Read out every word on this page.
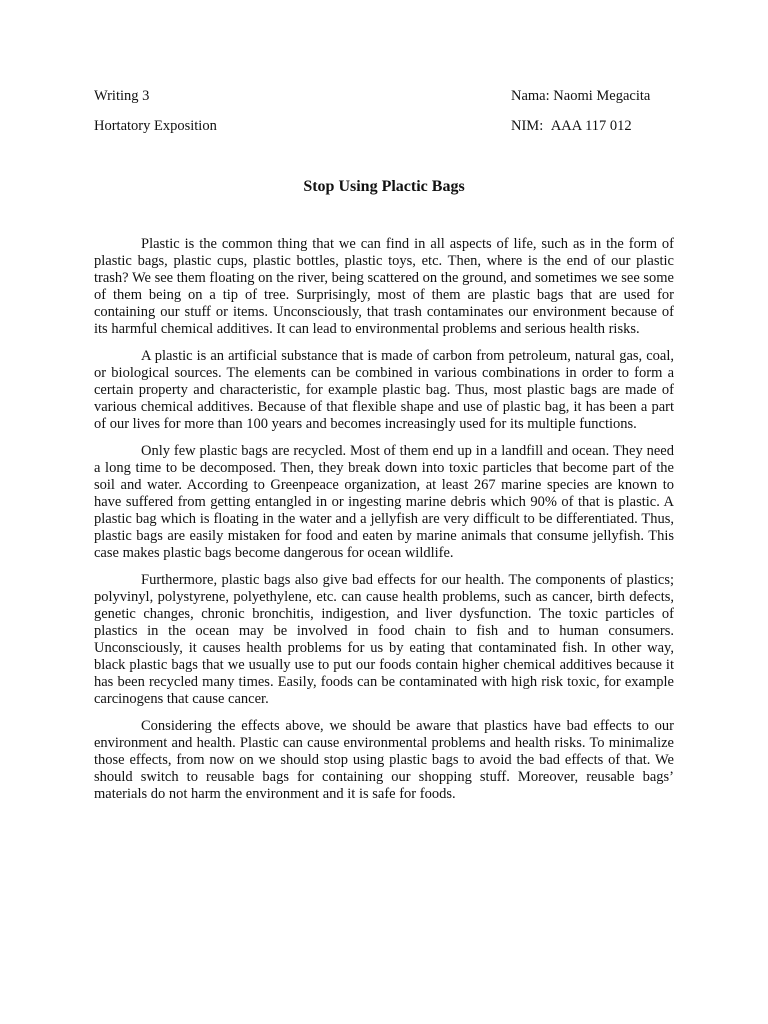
Writing 3	Nama: Naomi Megacita
Hortatory Exposition	NIM: AAA 117 012
Stop Using Plactic Bags

Plastic is the common thing that we can find in all aspects of life, such as in the form of plastic bags, plastic cups, plastic bottles, plastic toys, etc. Then, where is the end of our plastic trash? We see them floating on the river, being scattered on the ground, and sometimes we see some of them being on a tip of tree. Surprisingly, most of them are plastic bags that are used for containing our stuff or items. Unconsciously, that trash contaminates our environment because of its harmful chemical additives. It can lead to environmental problems and serious health risks.

A plastic is an artificial substance that is made of carbon from petroleum, natural gas, coal, or biological sources. The elements can be combined in various combinations in order to form a certain property and characteristic, for example plastic bag. Thus, most plastic bags are made of various chemical additives. Because of that flexible shape and use of plastic bag, it has been a part of our lives for more than 100 years and becomes increasingly used for its multiple functions.

Only few plastic bags are recycled. Most of them end up in a landfill and ocean. They need a long time to be decomposed. Then, they break down into toxic particles that become part of the soil and water. According to Greenpeace organization, at least 267 marine species are known to have suffered from getting entangled in or ingesting marine debris which 90% of that is plastic. A plastic bag which is floating in the water and a jellyfish are very difficult to be differentiated. Thus, plastic bags are easily mistaken for food and eaten by marine animals that consume jellyfish. This case makes plastic bags become dangerous for ocean wildlife.

Furthermore, plastic bags also give bad effects for our health. The components of plastics; polyvinyl, polystyrene, polyethylene, etc. can cause health problems, such as cancer, birth defects, genetic changes, chronic bronchitis, indigestion, and liver dysfunction. The toxic particles of plastics in the ocean may be involved in food chain to fish and to human consumers. Unconsciously, it causes health problems for us by eating that contaminated fish. In other way, black plastic bags that we usually use to put our foods contain higher chemical additives because it has been recycled many times. Easily, foods can be contaminated with high risk toxic, for example carcinogens that cause cancer.

Considering the effects above, we should be aware that plastics have bad effects to our environment and health. Plastic can cause environmental problems and health risks. To minimalize those effects, from now on we should stop using plastic bags to avoid the bad effects of that. We should switch to reusable bags for containing our shopping stuff. Moreover, reusable bags’ materials do not harm the environment and it is safe for foods.
